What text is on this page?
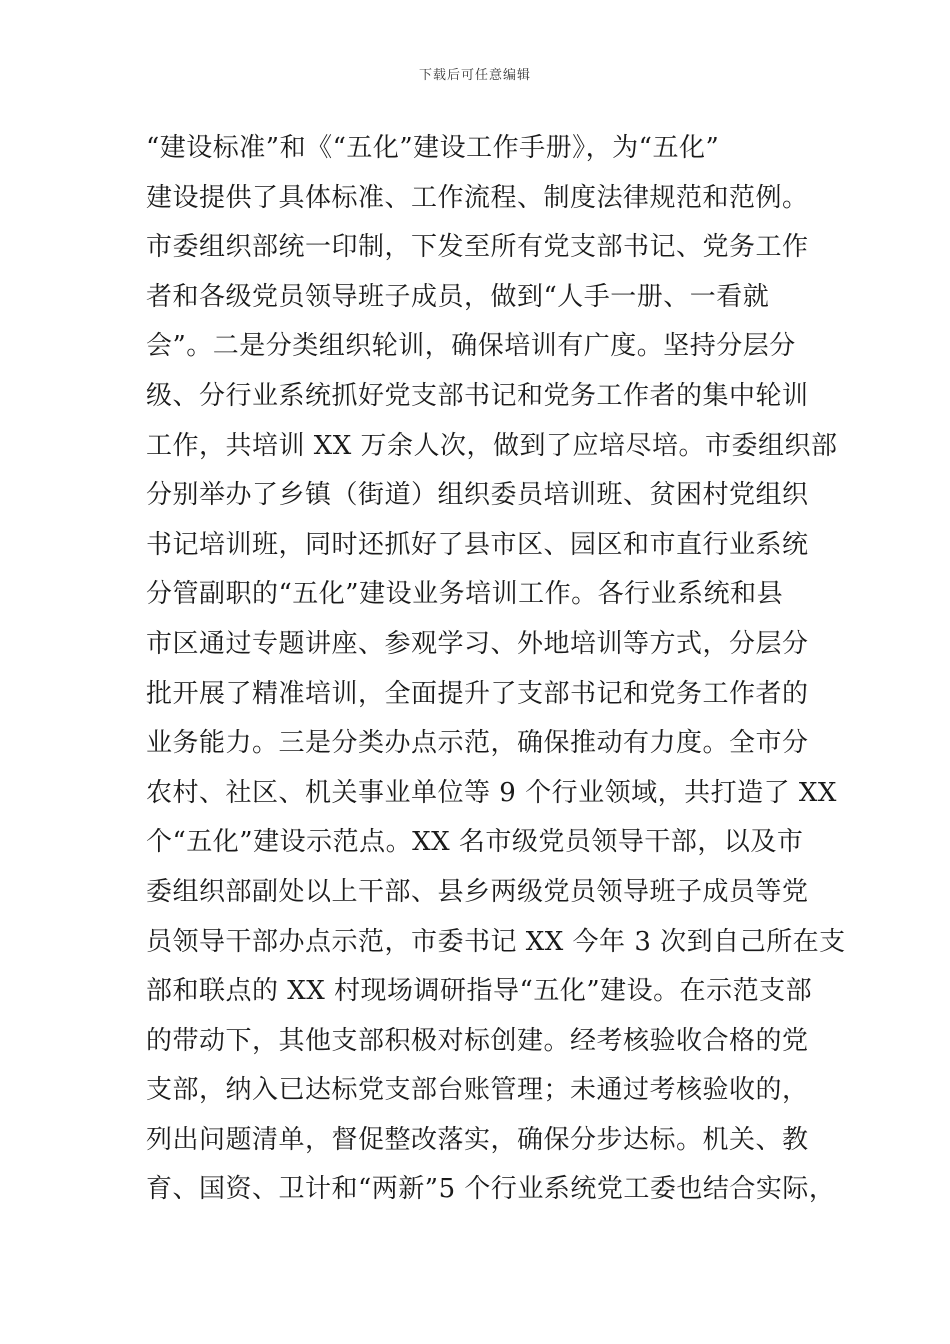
下载后可任意编辑
“建设标准”和《“五化”建设工作手册》，为“五化”
建设提供了具体标准、工作流程、制度法律规范和范例。
市委组织部统一印制，下发至所有党支部书记、党务工作
者和各级党员领导班子成员，做到“人手一册、一看就
会”。二是分类组织轮训，确保培训有广度。坚持分层分
级、分行业系统抓好党支部书记和党务工作者的集中轮训
工作，共培训 XX 万余人次，做到了应培尽培。市委组织部
分别举办了乡镇（街道）组织委员培训班、贫困村党组织
书记培训班，同时还抓好了县市区、园区和市直行业系统
分管副职的“五化”建设业务培训工作。各行业系统和县
市区通过专题讲座、参观学习、外地培训等方式，分层分
批开展了精准培训，全面提升了支部书记和党务工作者的
业务能力。三是分类办点示范，确保推动有力度。全市分
农村、社区、机关事业单位等 9 个行业领域，共打造了 XX
个“五化”建设示范点。XX 名市级党员领导干部，以及市
委组织部副处以上干部、县乡两级党员领导班子成员等党
员领导干部办点示范，市委书记 XX 今年 3 次到自己所在支
部和联点的 XX 村现场调研指导“五化”建设。在示范支部
的带动下，其他支部积极对标创建。经考核验收合格的党
支部，纳入已达标党支部台账管理；未通过考核验收的，
列出问题清单，督促整改落实，确保分步达标。机关、教
育、国资、卫计和“两新”5 个行业系统党工委也结合实际，
